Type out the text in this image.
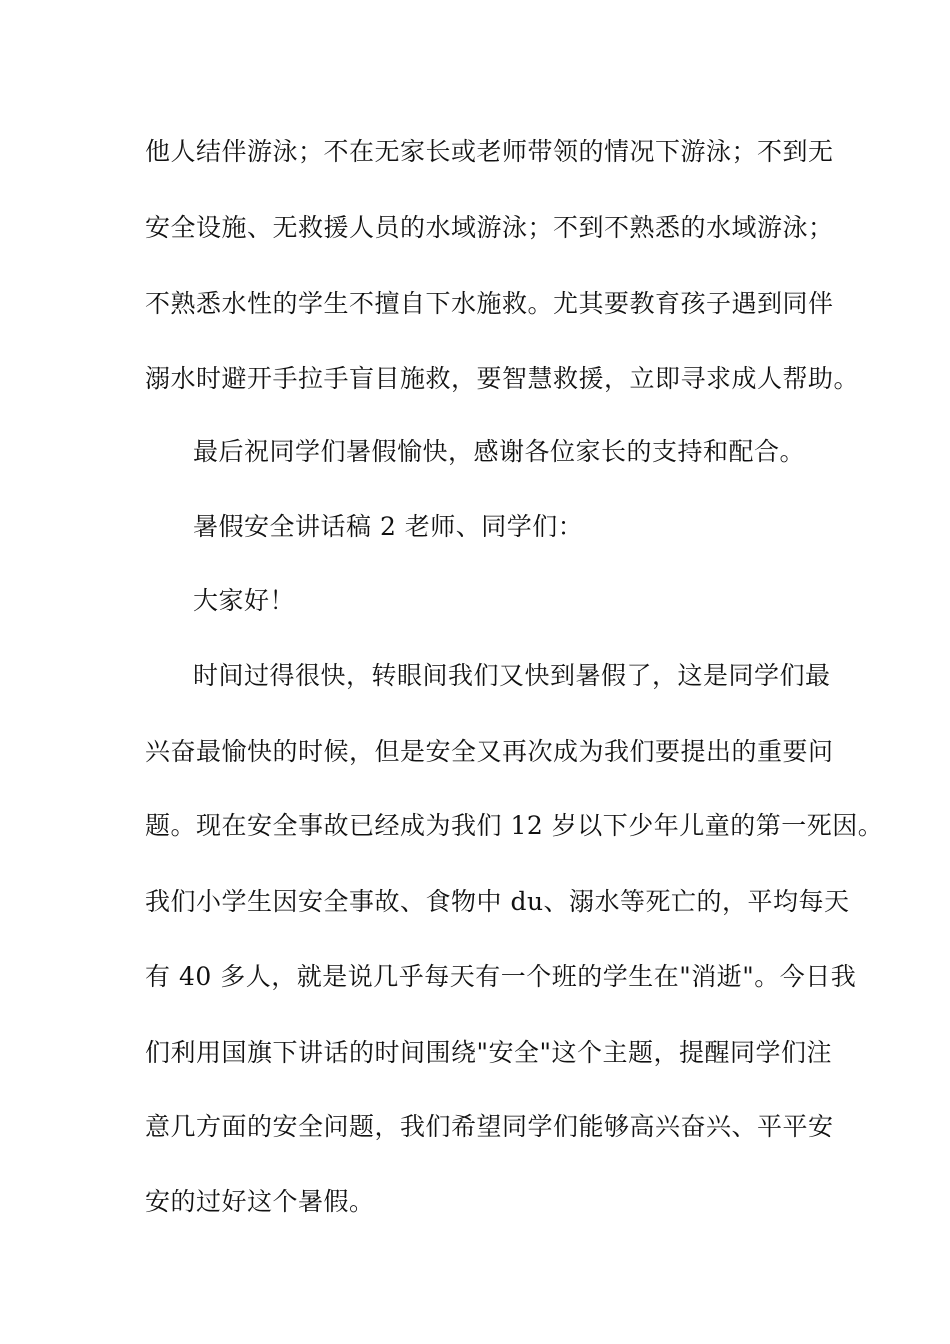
他人结伴游泳；不在无家长或老师带领的情况下游泳；不到无
安全设施、无救援人员的水域游泳；不到不熟悉的水域游泳；
不熟悉水性的学生不擅自下水施救。尤其要教育孩子遇到同伴
溺水时避开手拉手盲目施救，要智慧救援，立即寻求成人帮助。
最后祝同学们暑假愉快，感谢各位家长的支持和配合。
暑假安全讲话稿 2 老师、同学们：
大家好！
时间过得很快，转眼间我们又快到暑假了，这是同学们最
兴奋最愉快的时候，但是安全又再次成为我们要提出的重要问
题。现在安全事故已经成为我们 12 岁以下少年儿童的第一死因。
我们小学生因安全事故、食物中 du、溺水等死亡的，平均每天
有 40 多人，就是说几乎每天有一个班的学生在"消逝"。今日我
们利用国旗下讲话的时间围绕"安全"这个主题，提醒同学们注
意几方面的安全问题，我们希望同学们能够高兴奋兴、平平安
安的过好这个暑假。
